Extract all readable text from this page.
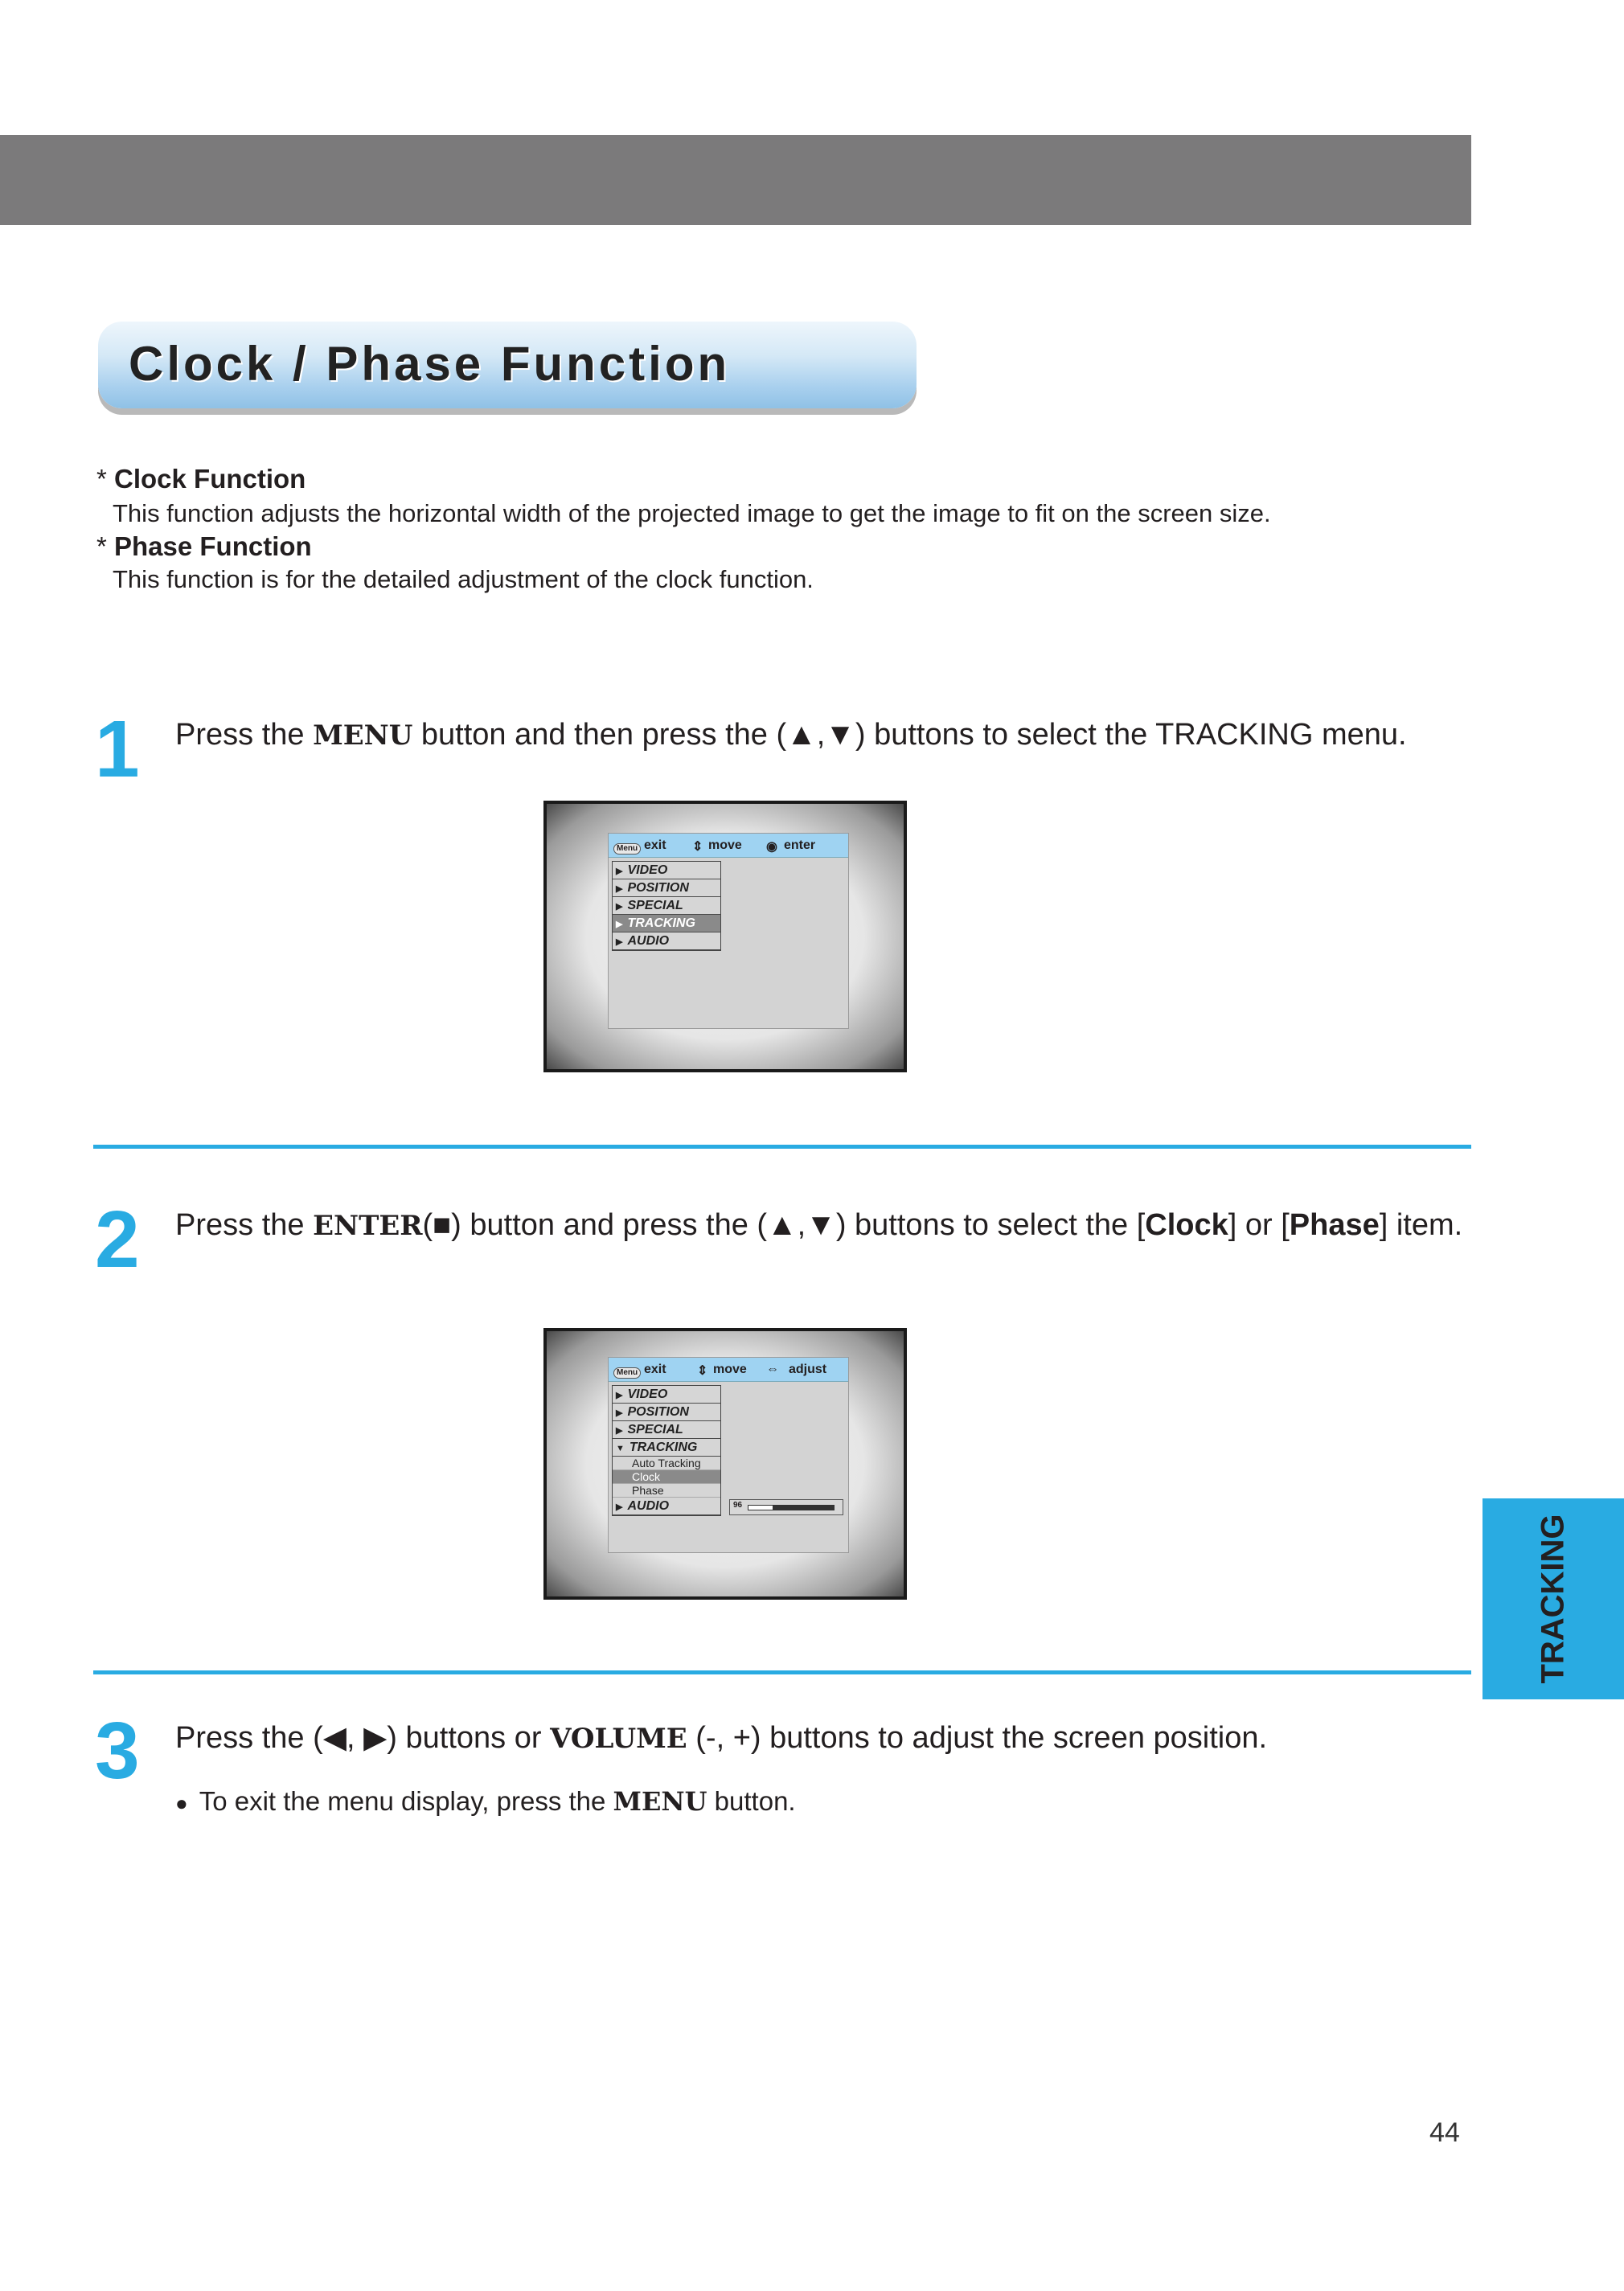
Clock / Phase Function
* Clock Function
This function adjusts the horizontal width of the projected image to get the image to fit on the screen size.
* Phase Function
This function is for the detailed adjustment of the clock function.
1 Press the MENU button and then press the (▲,▼) buttons to select the TRACKING menu.
Menu exit ⇕ move ◉ enter
▶ VIDEO
▶ POSITION
▶ SPECIAL
▶ TRACKING
▶ AUDIO
2 Press the ENTER(■) button and press the (▲,▼) buttons to select the [Clock] or [Phase] item.
Menu exit ⇕ move ⇔ adjust
▶ VIDEO
▶ POSITION
▶ SPECIAL
▼ TRACKING
Auto Tracking
Clock
Phase
▶ AUDIO	96
3 Press the (◀, ▶) buttons or VOLUME (-, +) buttons to adjust the screen position.
● To exit the menu display, press the MENU button.
TRACKING
44
